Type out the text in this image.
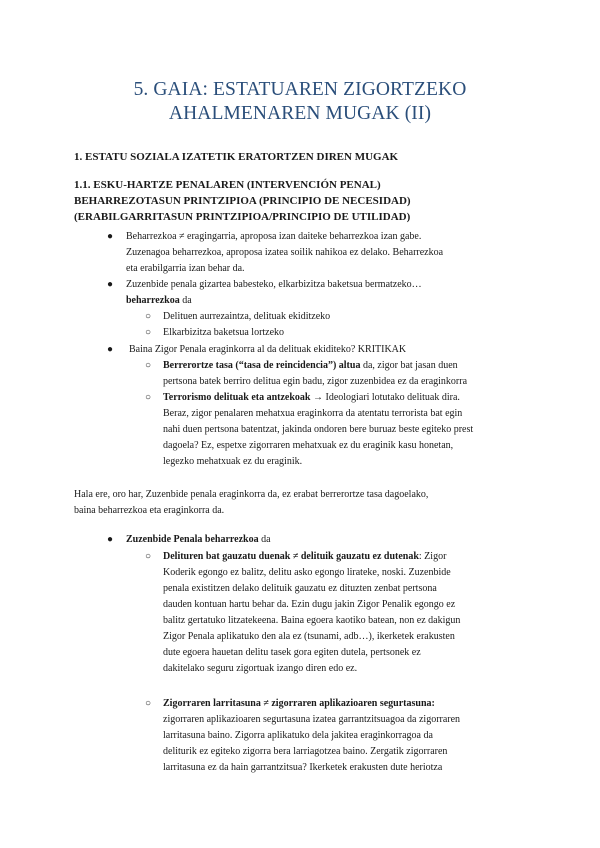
5. GAIA: ESTATUAREN ZIGORTZEKO
AHALMENAREN MUGAK (II)
1. ESTATU SOZIALA IZATETIK ERATORTZEN DIREN MUGAK
1.1. ESKU-HARTZE PENALAREN (INTERVENCIÓN PENAL)
BEHARREZOTASUN PRINTZIPIOA (PRINCIPIO DE NECESIDAD)
(ERABILGARRITASUN PRINTZIPIOA/PRINCIPIO DE UTILIDAD)
● Beharrezkoa ≠ eragingarria, aproposa izan daiteke beharrezkoa izan gabe.

Zuzenagoa beharrezkoa, aproposa izatea soilik nahikoa ez delako. Beharrezkoa

eta erabilgarria izan behar da.

● Zuzenbide penala gizartea babesteko, elkarbizitza baketsua bermatzeko…

beharrezkoa da

○ Delituen aurrezaintza, delituak ekiditzeko
○ Elkarbizitza baketsua lortzeko
● Baina Zigor Penala eraginkorra al da delituak ekiditeko? KRITIKAK
○ Berrerortze tasa (“tasa de reincidencia”) altua da, zigor bat jasan duen

pertsona batek berriro delitua egin badu, zigor zuzenbidea ez da eraginkorra

○ Terrorismo delituak eta antzekoak → Ideologiari lotutako delituak dira.

Beraz, zigor penalaren mehatxua eraginkorra da atentatu terrorista bat egin

nahi duen pertsona batentzat, jakinda ondoren bere buruaz beste egiteko prest

dagoela? Ez, espetxe zigorraren mehatxuak ez du eraginik kasu honetan,

legezko mehatxuak ez du eraginik.

Hala ere, oro har, Zuzenbide penala eraginkorra da, ez erabat berrerortze tasa dagoelako,

baina beharrezkoa eta eraginkorra da.

● Zuzenbide Penala beharrezkoa da
○ Delituren bat gauzatu duenak ≠ delituik gauzatu ez dutenak: Zigor

Koderik egongo ez balitz, delitu asko egongo lirateke, noski. Zuzenbide

penala existitzen delako delituik gauzatu ez dituzten zenbat pertsona

dauden kontuan hartu behar da. Ezin dugu jakin Zigor Penalik egongo ez

balitz gertatuko litzatekeena. Baina egoera kaotiko batean, non ez dakigun

Zigor Penala aplikatuko den ala ez (tsunami, adb…), ikerketek erakusten

dute egoera hauetan delitu tasek gora egiten dutela, pertsonek ez

dakitelako seguru zigortuak izango diren edo ez.

○ Zigorraren larritasuna ≠ zigorraren aplikazioaren segurtasuna:

zigorraren aplikazioaren segurtasuna izatea garrantzitsuagoa da zigorraren

larritasuna baino. Zigorra aplikatuko dela jakitea eraginkorragoa da

deliturik ez egiteko zigorra bera larriagotzea baino. Zergatik zigorraren

larritasuna ez da hain garrantzitsua? Ikerketek erakusten dute heriotza
